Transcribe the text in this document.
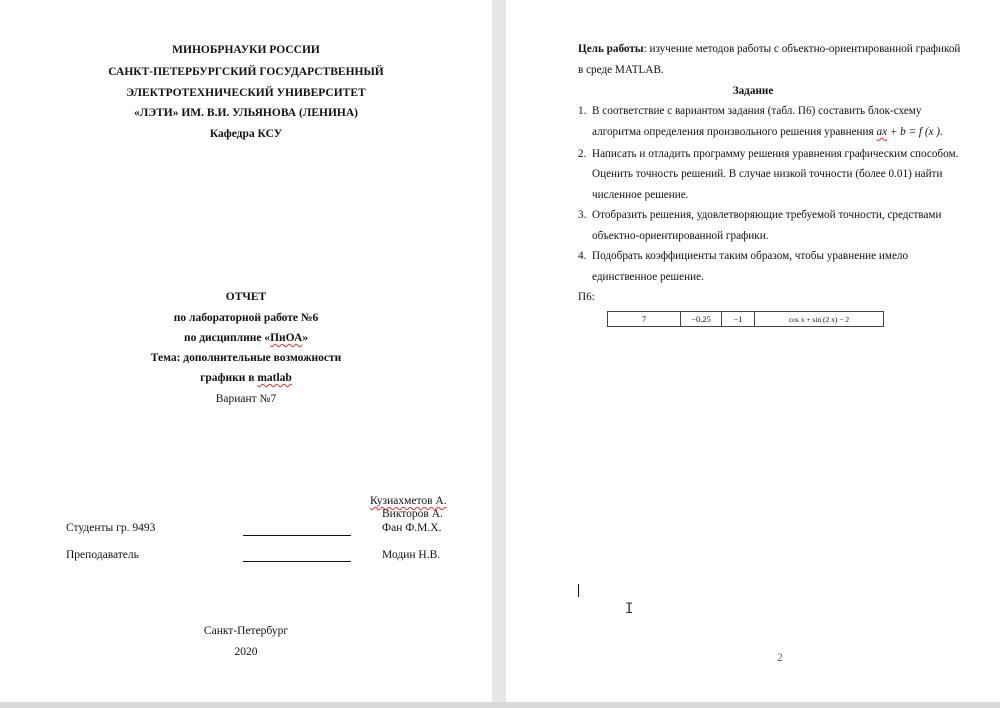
МИНОБРНАУКИ РОССИИ
САНКТ-ПЕТЕРБУРГСКИЙ ГОСУДАРСТВЕННЫЙ
ЭЛЕКТРОТЕХНИЧЕСКИЙ УНИВЕРСИТЕТ
«ЛЭТИ» ИМ. В.И. УЛЬЯНОВА (ЛЕНИНА)
Кафедра КСУ
ОТЧЕТ
по лабораторной работе №6
по дисциплине «ПиОА»
Тема: дополнительные возможности
графики в matlab
Вариант №7
Кузиахметов А.
Викторов А.
Студенты гр. 9493	Фан Ф.М.Х.
Преподаватель	Модин Н.В.
Санкт-Петербург
2020
Цель работы: изучение методов работы с объектно-ориентированной графикой
в среде MATLAB.
Задание
1. В соответствие с вариантом задания (табл. П6) составить блок-схему
алгоритма определения произвольного решения уравнения ax + b = f (x ).
2. Написать и отладить программу решения уравнения графическим способом.
Оценить точность решений. В случае низкой точности (более 0.01) найти
численное решение.
3. Отобразить решения, удовлетворяющие требуемой точности, средствами
объектно-ориентированной графики.
4. Подобрать коэффициенты таким образом, чтобы уравнение имело
единственное решение.
П6:
7	−0.25	−1	cos x + sin (2 x) − 2
I
2
